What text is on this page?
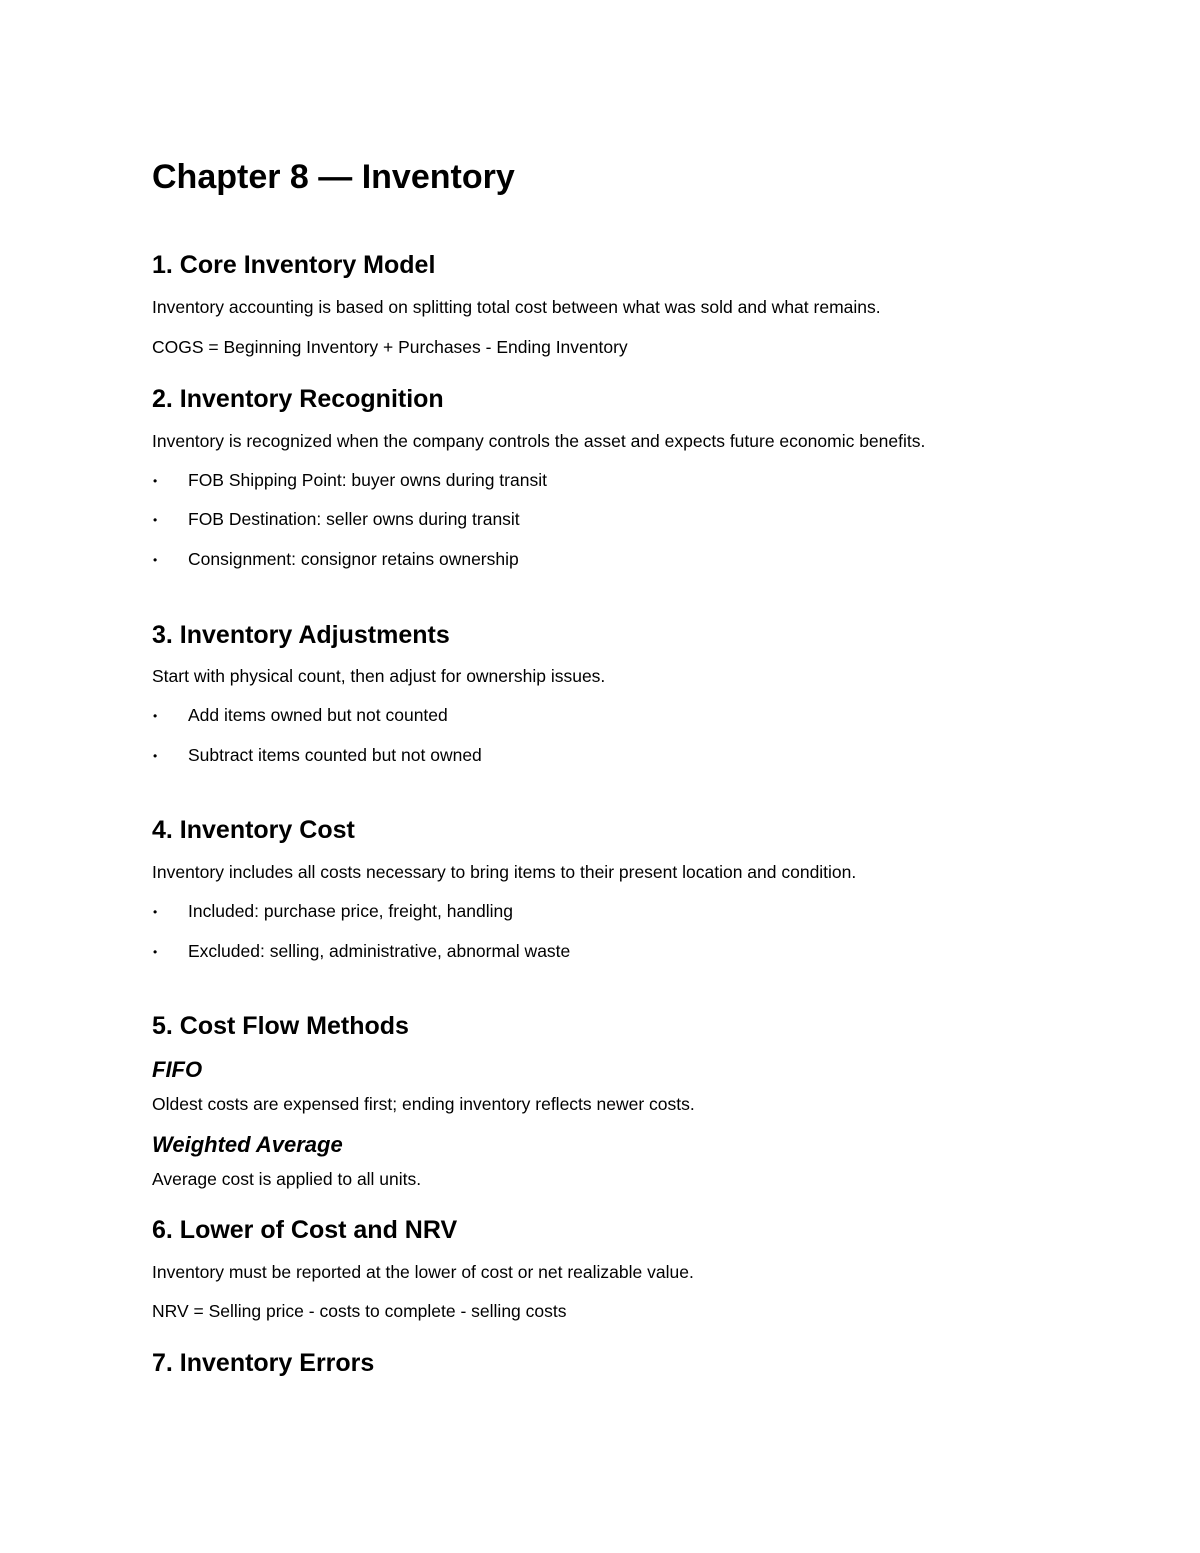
Chapter 8 — Inventory
1. Core Inventory Model

Inventory accounting is based on splitting total cost between what was sold and what remains.

COGS = Beginning Inventory + Purchases - Ending Inventory

2. Inventory Recognition

Inventory is recognized when the company controls the asset and expects future economic benefits.

• FOB Shipping Point: buyer owns during transit
• FOB Destination: seller owns during transit
• Consignment: consignor retains ownership
3. Inventory Adjustments

Start with physical count, then adjust for ownership issues.

• Add items owned but not counted
• Subtract items counted but not owned
4. Inventory Cost

Inventory includes all costs necessary to bring items to their present location and condition.

• Included: purchase price, freight, handling
• Excluded: selling, administrative, abnormal waste
5. Cost Flow Methods
FIFO

Oldest costs are expensed first; ending inventory reflects newer costs.

Weighted Average

Average cost is applied to all units.

6. Lower of Cost and NRV

Inventory must be reported at the lower of cost or net realizable value.

NRV = Selling price - costs to complete - selling costs

7. Inventory Errors
